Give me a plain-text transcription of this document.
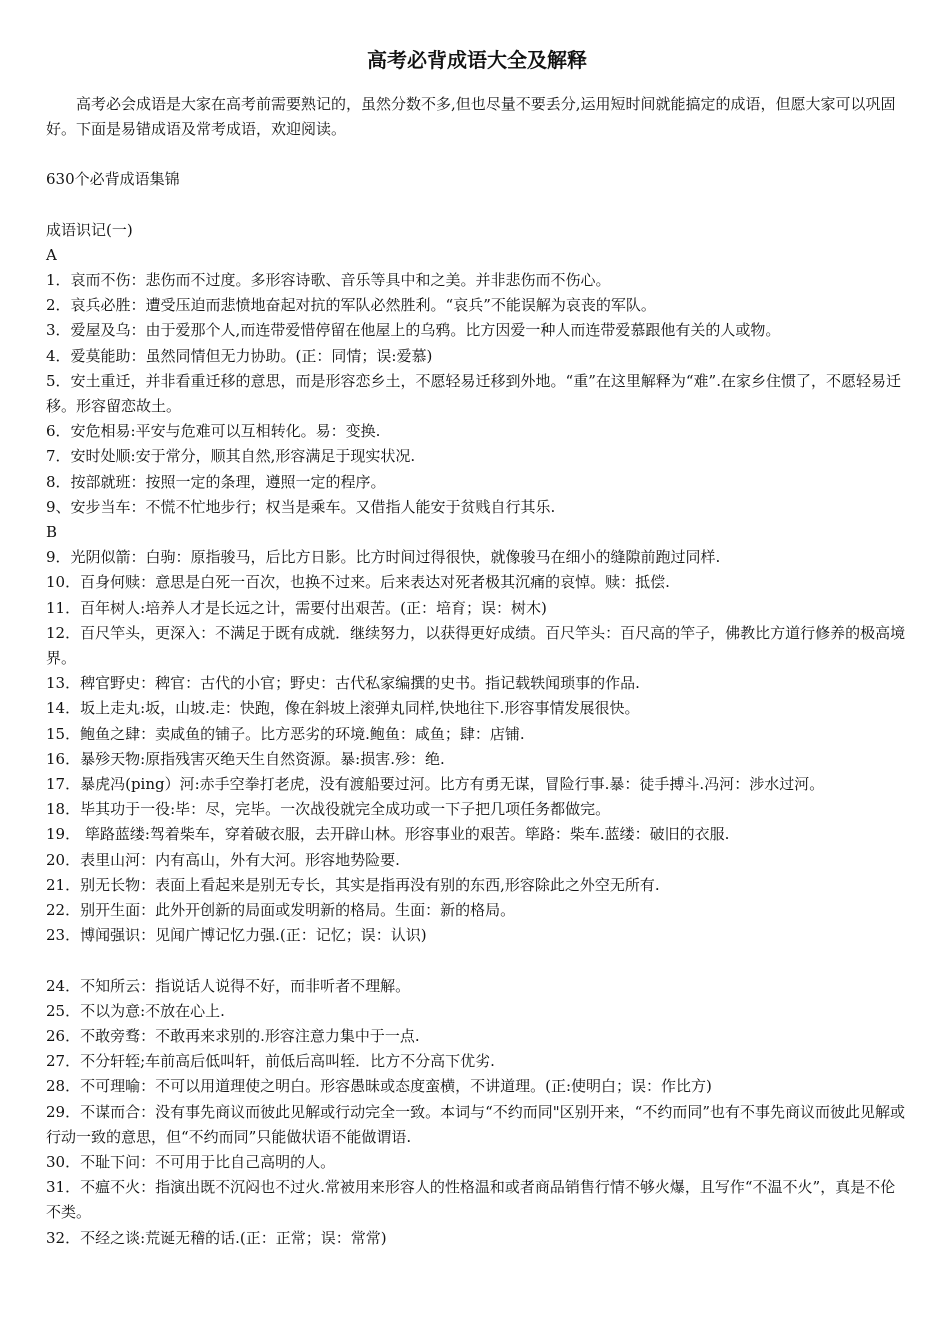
高考必背成语大全及解释

高考必会成语是大家在高考前需要熟记的，虽然分数不多,但也尽量不要丢分,运用短时间就能搞定的成语，但愿大家可以巩固好。下面是易错成语及常考成语，欢迎阅读。

630个必背成语集锦

成语识记(一)

A

1．哀而不伤：悲伤而不过度。多形容诗歌、音乐等具中和之美。并非悲伤而不伤心。

2．哀兵必胜：遭受压迫而悲愤地奋起对抗的军队必然胜利。“哀兵”不能误解为哀丧的军队。

3．爱屋及乌：由于爱那个人,而连带爱惜停留在他屋上的乌鸦。比方因爱一种人而连带爱慕跟他有关的人或物。

4．爱莫能助：虽然同情但无力协助。(正：同情；误:爱慕)

5．安土重迁，并非看重迁移的意思，而是形容恋乡土，不愿轻易迁移到外地。“重”在这里解释为“难”.在家乡住惯了，不愿轻易迁移。形容留恋故土。

6．安危相易:平安与危难可以互相转化。易：变换.

7．安时处顺:安于常分，顺其自然,形容满足于现实状况.

8．按部就班：按照一定的条理，遵照一定的程序。

9、安步当车：不慌不忙地步行；权当是乘车。又借指人能安于贫贱自行其乐.

B

9．光阴似箭：白驹：原指骏马，后比方日影。比方时间过得很快，就像骏马在细小的缝隙前跑过同样.

10．百身何赎：意思是白死一百次，也换不过来。后来表达对死者极其沉痛的哀悼。赎：抵偿.

11．百年树人:培养人才是长远之计，需要付出艰苦。(正：培育；误：树木)

12．百尺竿头，更深入：不满足于既有成就．继续努力，以获得更好成绩。百尺竿头：百尺高的竿子，佛教比方道行修养的极高境界。

13．稗官野史：稗官：古代的小官；野史：古代私家编撰的史书。指记载轶闻琐事的作品.

14．坂上走丸:坂，山坡.走：快跑，像在斜坡上滚弹丸同样,快地往下.形容事情发展很快。

15．鲍鱼之肆：卖咸鱼的铺子。比方恶劣的环境.鲍鱼：咸鱼；肆：店铺.

16．暴殄天物:原指残害灭绝天生自然资源。暴:损害.殄：绝.

17．暴虎冯(ping）河:赤手空拳打老虎，没有渡船要过河。比方有勇无谋，冒险行事.暴：徒手搏斗.冯河：涉水过河。

18．毕其功于一役:毕：尽，完毕。一次战役就完全成功或一下子把几项任务都做完。

19． 筚路蓝缕:驾着柴车，穿着破衣服，去开辟山林。形容事业的艰苦。筚路：柴车.蓝缕：破旧的衣服.

20．表里山河：内有高山，外有大河。形容地势险要.

21．别无长物：表面上看起来是别无专长，其实是指再没有别的东西,形容除此之外空无所有.

22．别开生面：此外开创新的局面或发明新的格局。生面：新的格局。

23．博闻强识：见闻广博记忆力强.(正：记忆；误：认识)

24．不知所云：指说话人说得不好，而非听者不理解。

25．不以为意:不放在心上.

26．不敢旁骛：不敢再来求别的.形容注意力集中于一点.

27．不分轩轾;车前高后低叫轩，前低后高叫轾．比方不分高下优劣.

28．不可理喻：不可以用道理使之明白。形容愚昧或态度蛮横，不讲道理。(正:使明白；误：作比方)

29．不谋而合：没有事先商议而彼此见解或行动完全一致。本词与“不约而同"区别开来，“不约而同”也有不事先商议而彼此见解或行动一致的意思，但“不约而同”只能做状语不能做谓语.

30．不耻下问：不可用于比自己高明的人。

31．不瘟不火：指演出既不沉闷也不过火.常被用来形容人的性格温和或者商品销售行情不够火爆，且写作“不温不火”，真是不伦不类。

32．不经之谈:荒诞无稽的话.(正：正常；误：常常)
